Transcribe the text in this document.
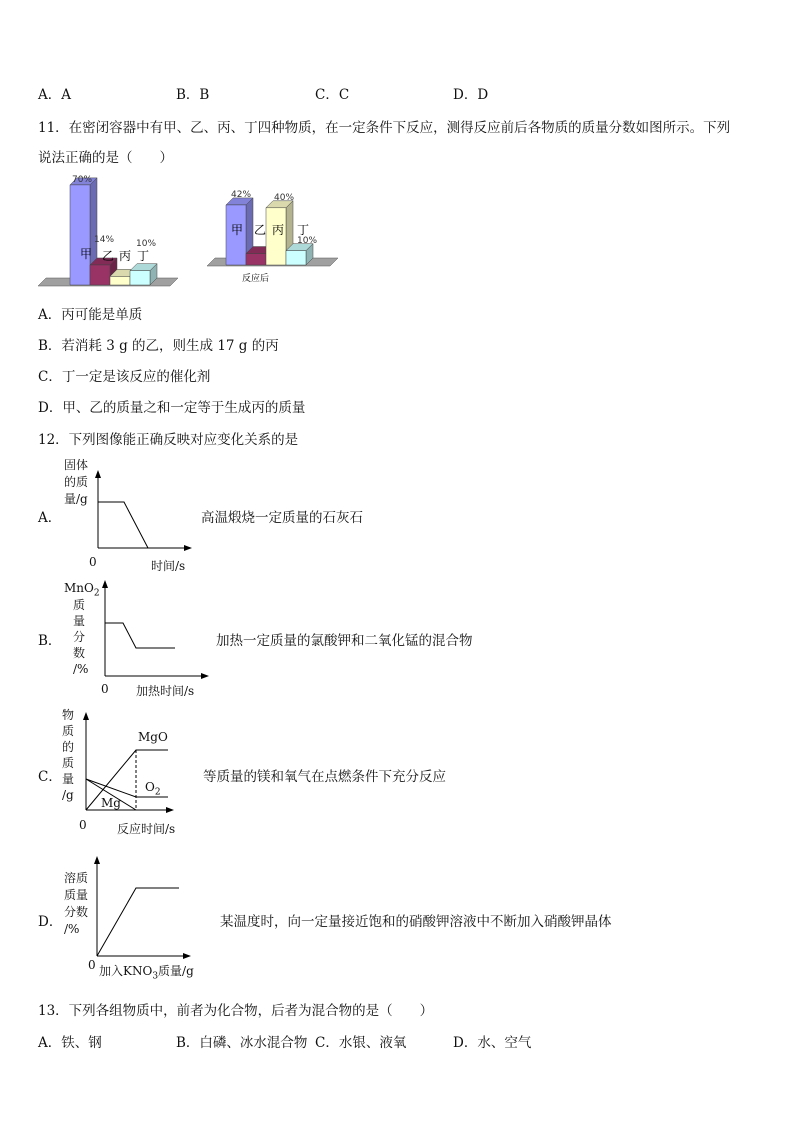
A．A	B．B	C．C	D．D
11．在密闭容器中有甲、乙、丙、丁四种物质，在一定条件下反应，测得反应前后各物质的质量分数如图所示。下列
说法正确的是（　　）
70%
14% 10%
甲 乙 丙 丁
42%	40%
10%
甲 乙 丙 丁
反应后
A．丙可能是单质
B．若消耗 3 g 的乙，则生成 17 g 的丙
C．丁一定是该反应的催化剂
D．甲、乙的质量之和一定等于生成丙的质量
12．下列图像能正确反映对应变化关系的是
A．
固体
的质
量/g
0	时间/s
高温煅烧一定质量的石灰石
B．
MnO$_2$
质
量
分
数
/%
0 加热时间/s
加热一定质量的氯酸钾和二氧化锰的混合物
C．
物
质
的
质
量
/g
MgO
$O_2$
Mg
0	反应时间/s
等质量的镁和氧气在点燃条件下充分反应
D．
溶质
质量
分数
/%
0 加入$KNO_3$质量/g
某温度时，向一定量接近饱和的硝酸钾溶液中不断加入硝酸钾晶体
13．下列各组物质中，前者为化合物，后者为混合物的是（　　）
A．铁、钢	B．白磷、冰水混合物 C．水银、液氧	D．水、空气
